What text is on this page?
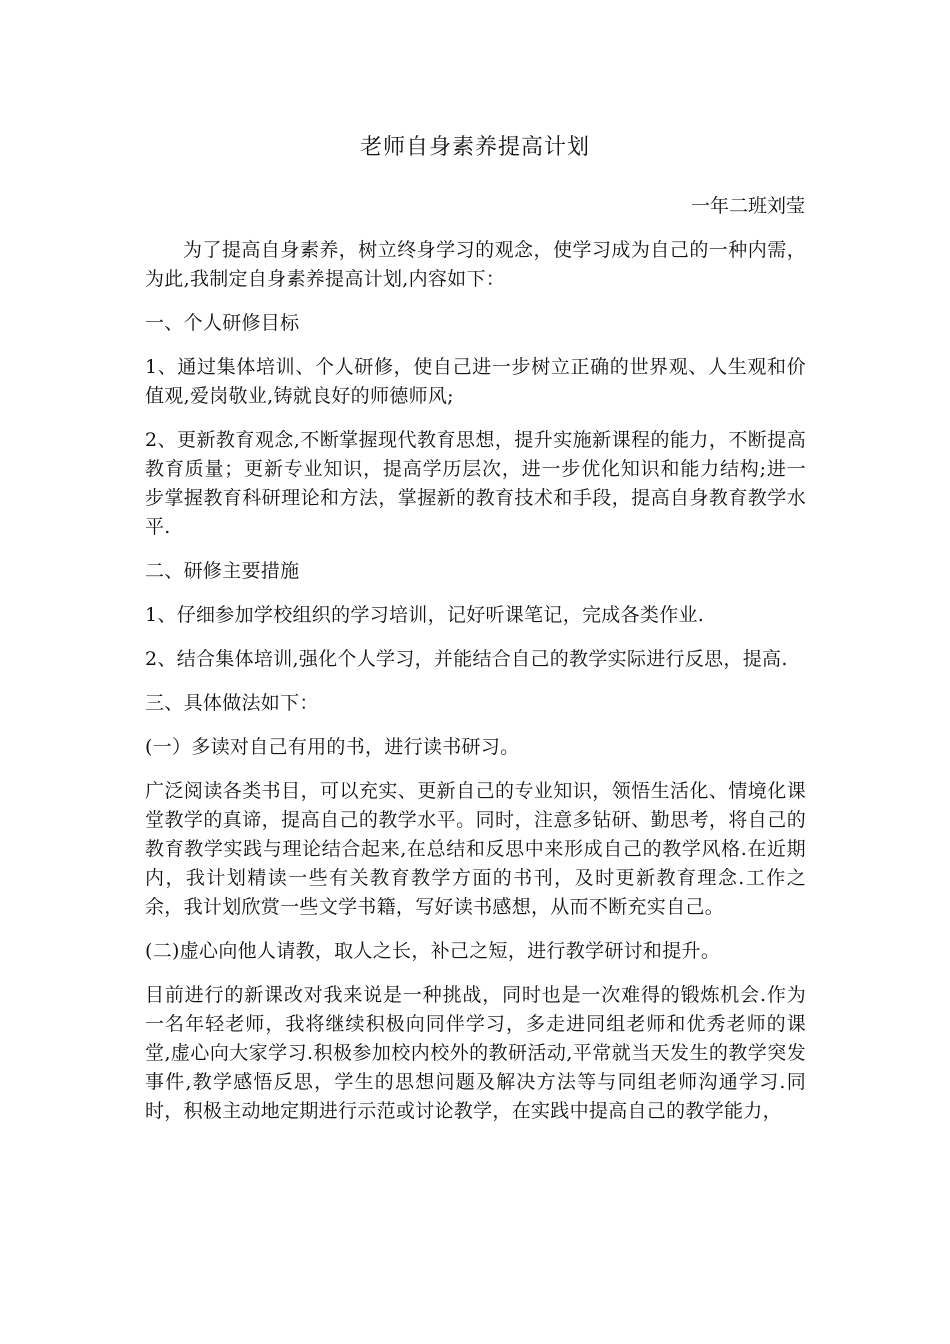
老师自身素养提高计划
一年二班刘莹

为了提高自身素养，树立终身学习的观念，使学习成为自己的一种内需，为此,我制定自身素养提高计划,内容如下：

一、个人研修目标

1、通过集体培训、个人研修，使自己进一步树立正确的世界观、人生观和价值观,爱岗敬业,铸就良好的师德师风;

2、更新教育观念,不断掌握现代教育思想，提升实施新课程的能力，不断提高教育质量；更新专业知识，提高学历层次，进一步优化知识和能力结构;进一步掌握教育科研理论和方法，掌握新的教育技术和手段，提高自身教育教学水平.

二、研修主要措施

1、仔细参加学校组织的学习培训，记好听课笔记，完成各类作业.

2、结合集体培训,强化个人学习，并能结合自己的教学实际进行反思，提高.

三、具体做法如下：

(一）多读对自己有用的书，进行读书研习。

广泛阅读各类书目，可以充实、更新自己的专业知识，领悟生活化、情境化课堂教学的真谛，提高自己的教学水平。同时，注意多钻研、勤思考，将自己的教育教学实践与理论结合起来,在总结和反思中来形成自己的教学风格.在近期内，我计划精读一些有关教育教学方面的书刊，及时更新教育理念.工作之余，我计划欣赏一些文学书籍，写好读书感想，从而不断充实自己。

(二)虚心向他人请教，取人之长，补己之短，进行教学研讨和提升。

目前进行的新课改对我来说是一种挑战，同时也是一次难得的锻炼机会.作为一名年轻老师，我将继续积极向同伴学习，多走进同组老师和优秀老师的课堂,虚心向大家学习.积极参加校内校外的教研活动,平常就当天发生的教学突发事件,教学感悟反思，学生的思想问题及解决方法等与同组老师沟通学习.同时，积极主动地定期进行示范或讨论教学，在实践中提高自己的教学能力，
